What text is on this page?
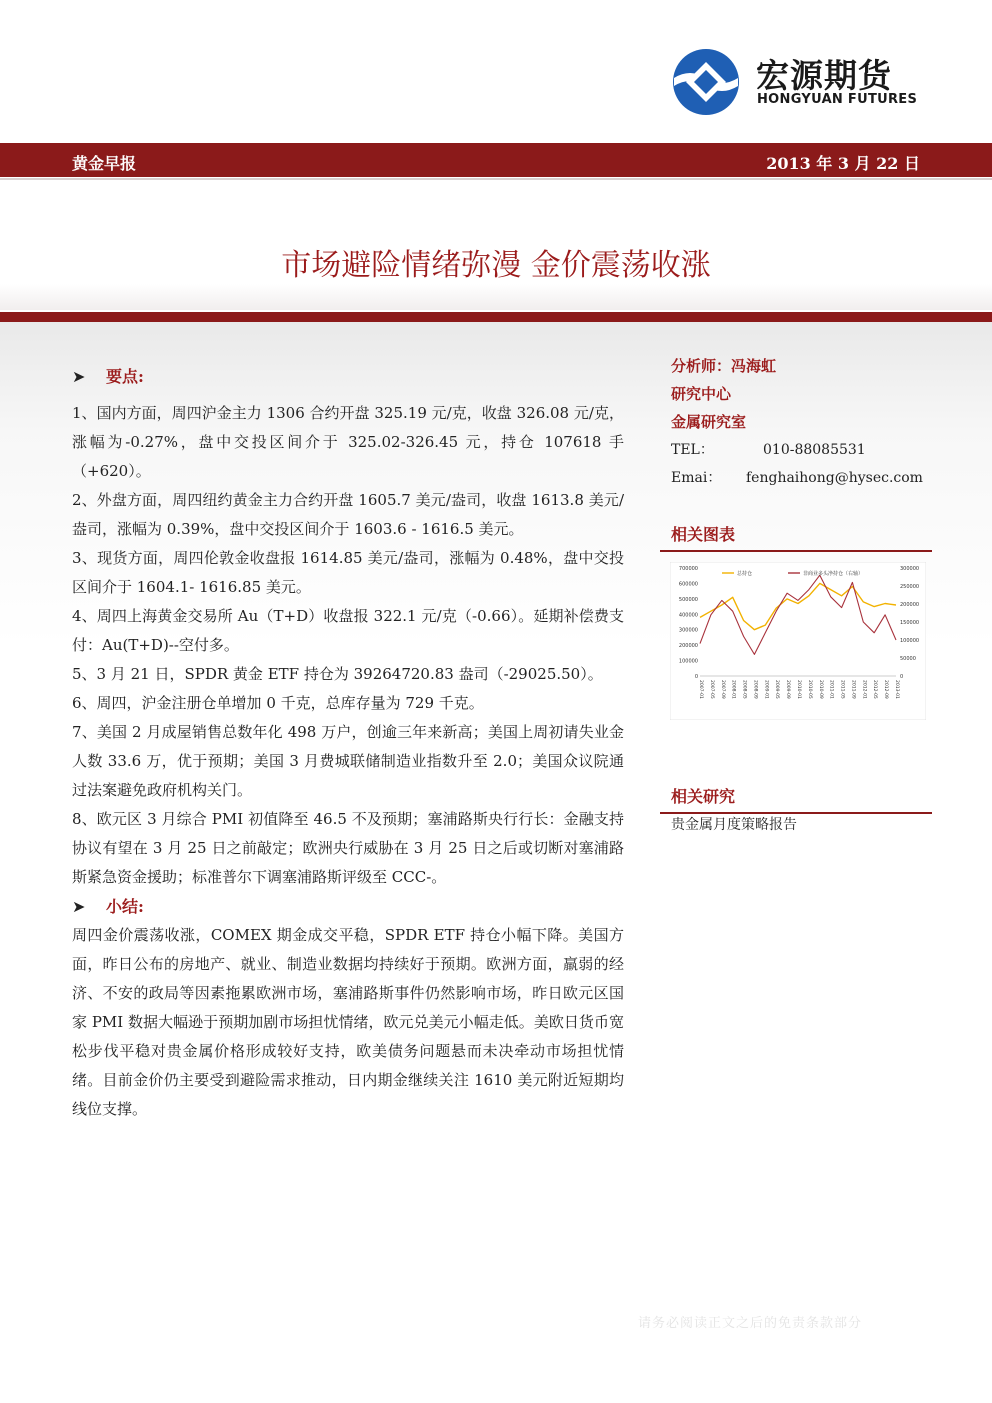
宏源期货
HONGYUAN FUTURES
黄金早报	2013 年 3 月 22 日
市场避险情绪弥漫 金价震荡收涨
➤ 要点:
1、国内方面，周四沪金主力 1306 合约开盘 325.19 元/克，收盘 326.08 元/克，涨幅为-0.27%，盘中交投区间介于 325.02-326.45 元，持仓 107618 手（+620）。
2、外盘方面，周四纽约黄金主力合约开盘 1605.7 美元/盎司，收盘 1613.8 美元/盎司，涨幅为 0.39%，盘中交投区间介于 1603.6 - 1616.5 美元。
3、现货方面，周四伦敦金收盘报 1614.85 美元/盎司，涨幅为 0.48%，盘中交投区间介于 1604.1- 1616.85 美元。
4、周四上海黄金交易所 Au（T+D）收盘报 322.1 元/克（-0.66）。延期补偿费支付：Au(T+D)--空付多。
5、3 月 21 日，SPDR 黄金 ETF 持仓为 39264720.83 盎司（-29025.50）。
6、周四，沪金注册仓单增加 0 千克，总库存量为 729 千克。
7、美国 2 月成屋销售总数年化 498 万户，创逾三年来新高；美国上周初请失业金人数 33.6 万，优于预期；美国 3 月费城联储制造业指数升至 2.0；美国众议院通过法案避免政府机构关门。
8、欧元区 3 月综合 PMI 初值降至 46.5 不及预期；塞浦路斯央行行长：金融支持协议有望在 3 月 25 日之前敲定；欧洲央行威胁在 3 月 25 日之后或切断对塞浦路斯紧急资金援助；标准普尔下调塞浦路斯评级至 CCC-。
➤ 小结:
周四金价震荡收涨，COMEX 期金成交平稳，SPDR ETF 持仓小幅下降。美国方面，昨日公布的房地产、就业、制造业数据均持续好于预期。欧洲方面，羸弱的经济、不安的政局等因素拖累欧洲市场，塞浦路斯事件仍然影响市场，昨日欧元区国家 PMI 数据大幅逊于预期加剧市场担忧情绪，欧元兑美元小幅走低。美欧日货币宽松步伐平稳对贵金属价格形成较好支持，欧美债务问题悬而未决牵动市场担忧情绪。目前金价仍主要受到避险需求推动，日内期金继续关注 1610 美元附近短期均线位支撑。
分析师：冯海虹
研究中心
金属研究室
TEL：	010-88085531
Emai： fenghaihong@hysec.com
相关图表
700000
600000
500000
400000
300000
200000
100000
0
300000
250000
200000
150000
100000
50000
0
2007-01 2007-05 2007-09 2008-01 2008-05 2008-09 2009-01 2009-05 2009-09 2010-01 2010-05 2010-09 2011-01 2011-05 2011-09 2012-01 2012-05 2012-09 2013-01
总持仓	非商业多头净持仓（右轴）
相关研究
贵金属月度策略报告
请务必阅读正文之后的免责条款部分
